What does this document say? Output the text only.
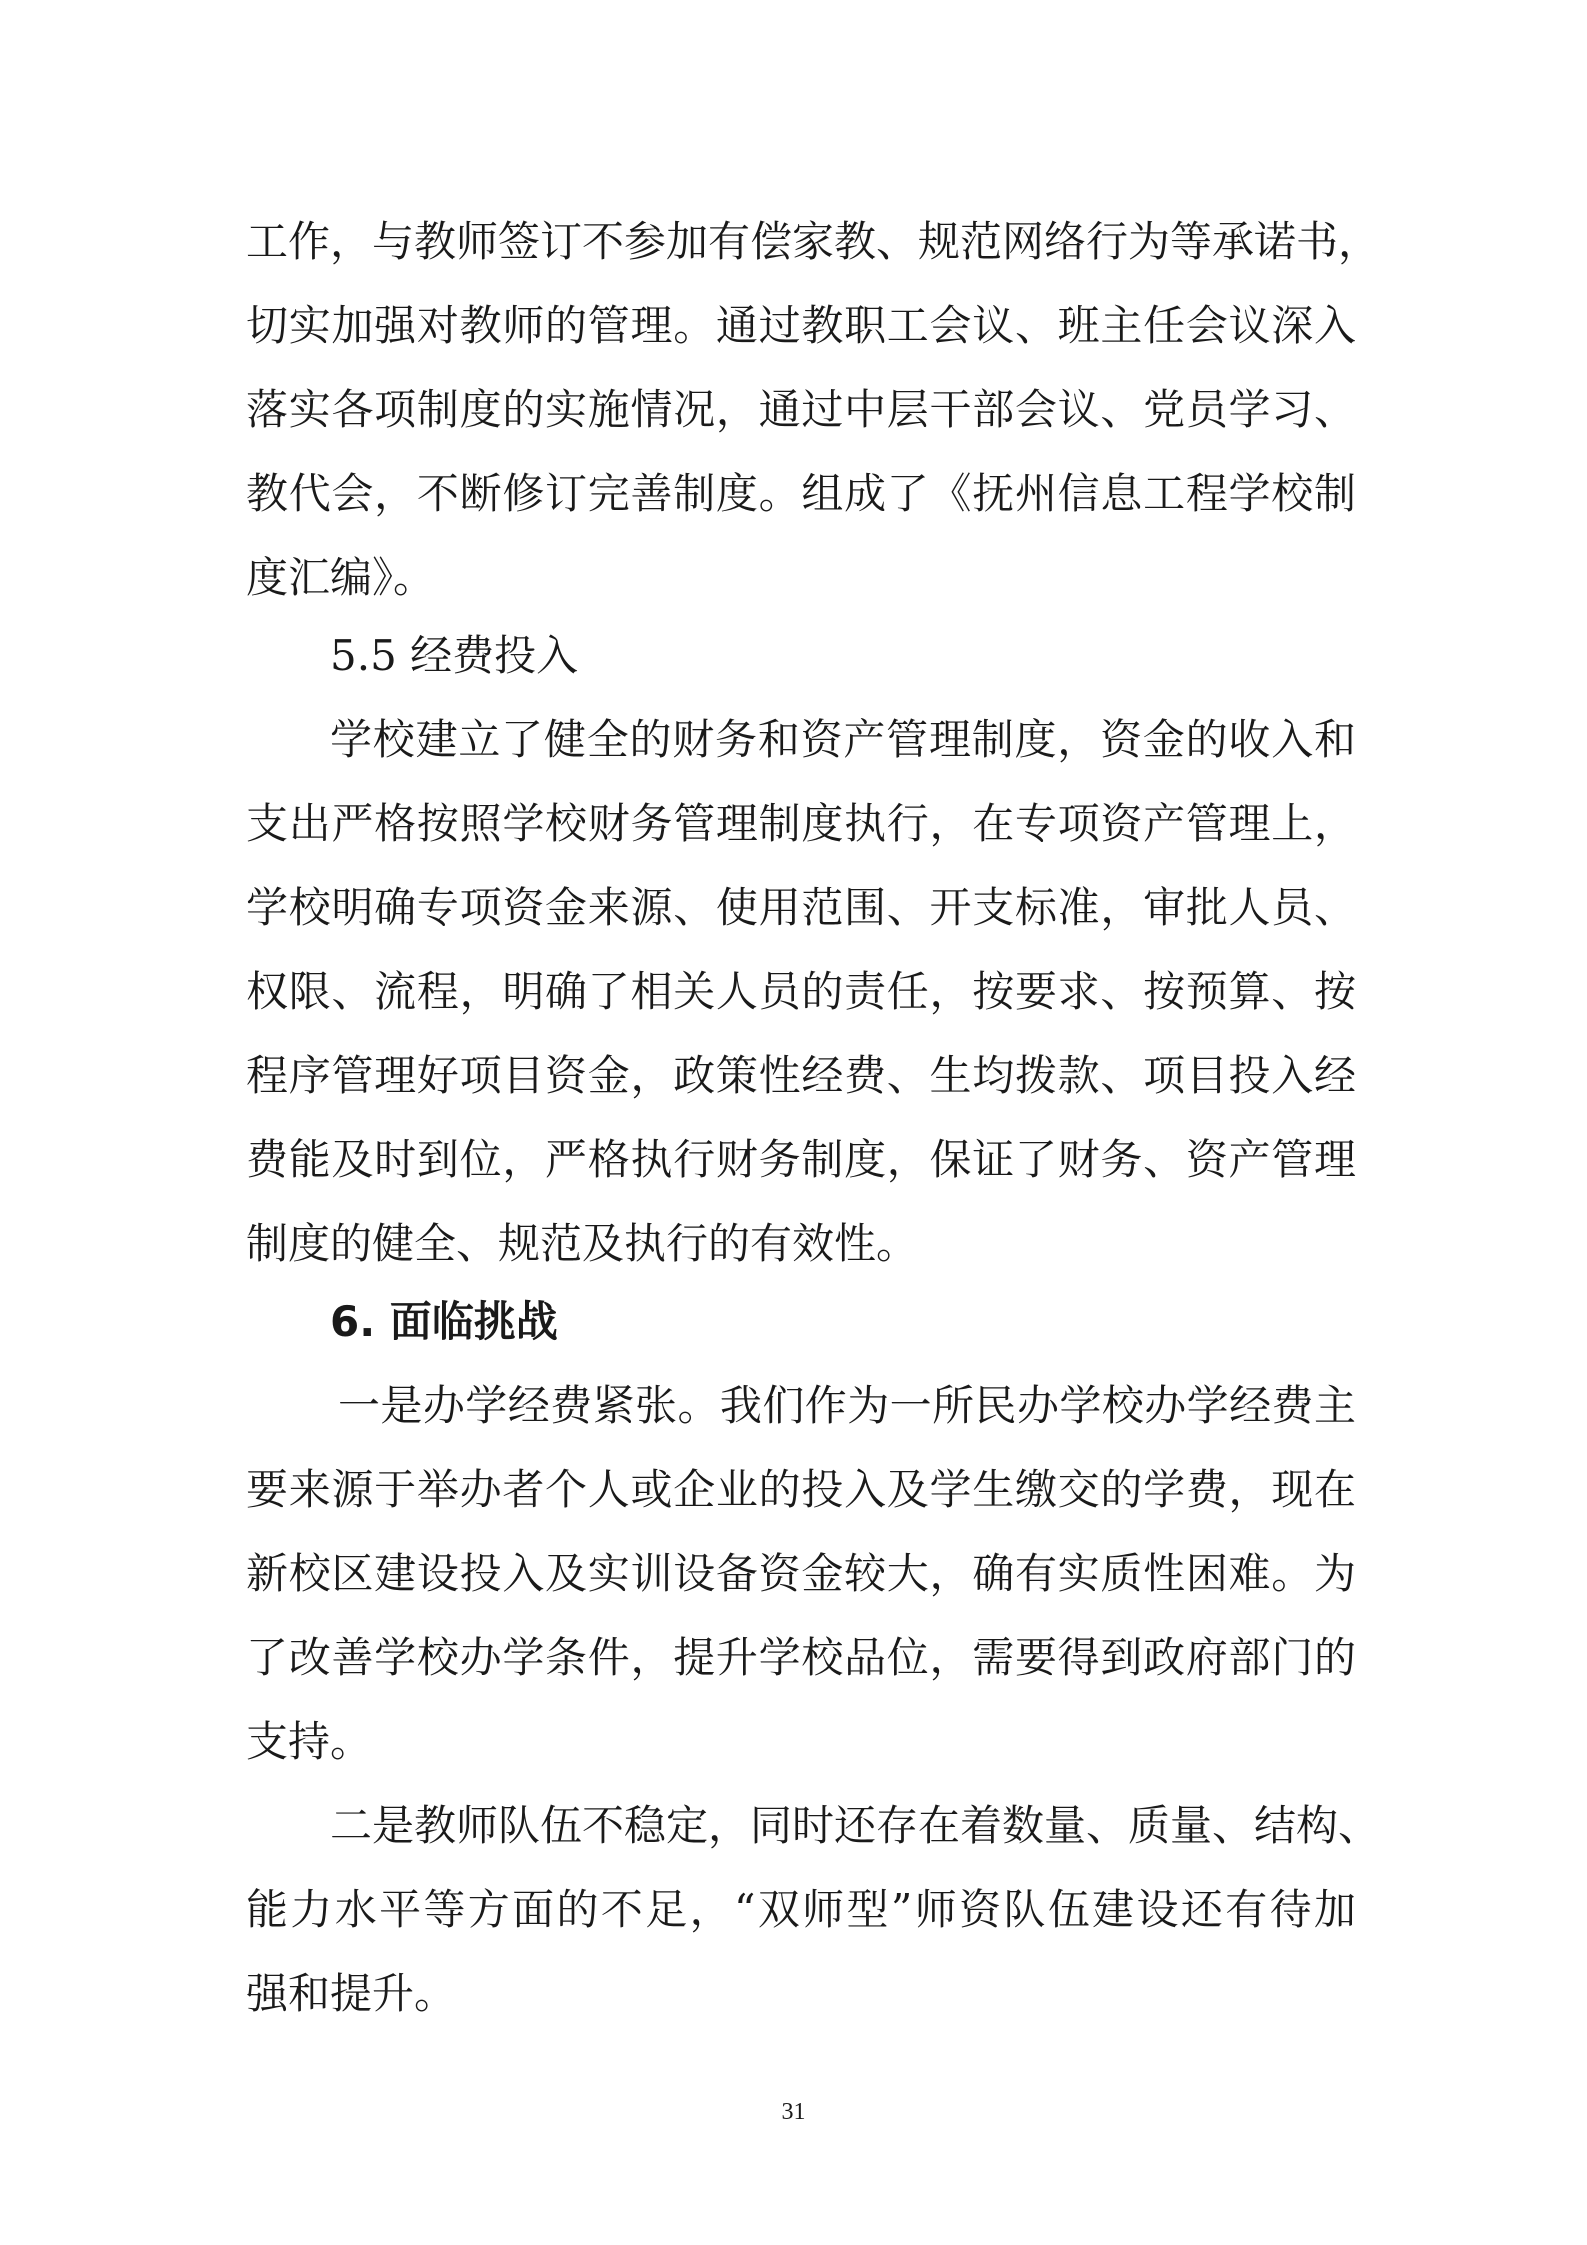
工作，与教师签订不参加有偿家教、规范网络行为等承诺书，
切实加强对教师的管理。通过教职工会议、班主任会议深入
落实各项制度的实施情况，通过中层干部会议、党员学习、
教代会，不断修订完善制度。组成了《抚州信息工程学校制
度汇编》。
5.5 经费投入
学校建立了健全的财务和资产管理制度，资金的收入和
支出严格按照学校财务管理制度执行，在专项资产管理上，
学校明确专项资金来源、使用范围、开支标准，审批人员、
权限、流程，明确了相关人员的责任，按要求、按预算、按
程序管理好项目资金，政策性经费、生均拨款、项目投入经
费能及时到位，严格执行财务制度，保证了财务、资产管理
制度的健全、规范及执行的有效性。
6. 面临挑战
一是办学经费紧张。我们作为一所民办学校办学经费主
要来源于举办者个人或企业的投入及学生缴交的学费，现在
新校区建设投入及实训设备资金较大，确有实质性困难。为
了改善学校办学条件，提升学校品位，需要得到政府部门的
支持。
二是教师队伍不稳定，同时还存在着数量、质量、结构、
能力水平等方面的不足，“双师型”师资队伍建设还有待加
强和提升。
31
